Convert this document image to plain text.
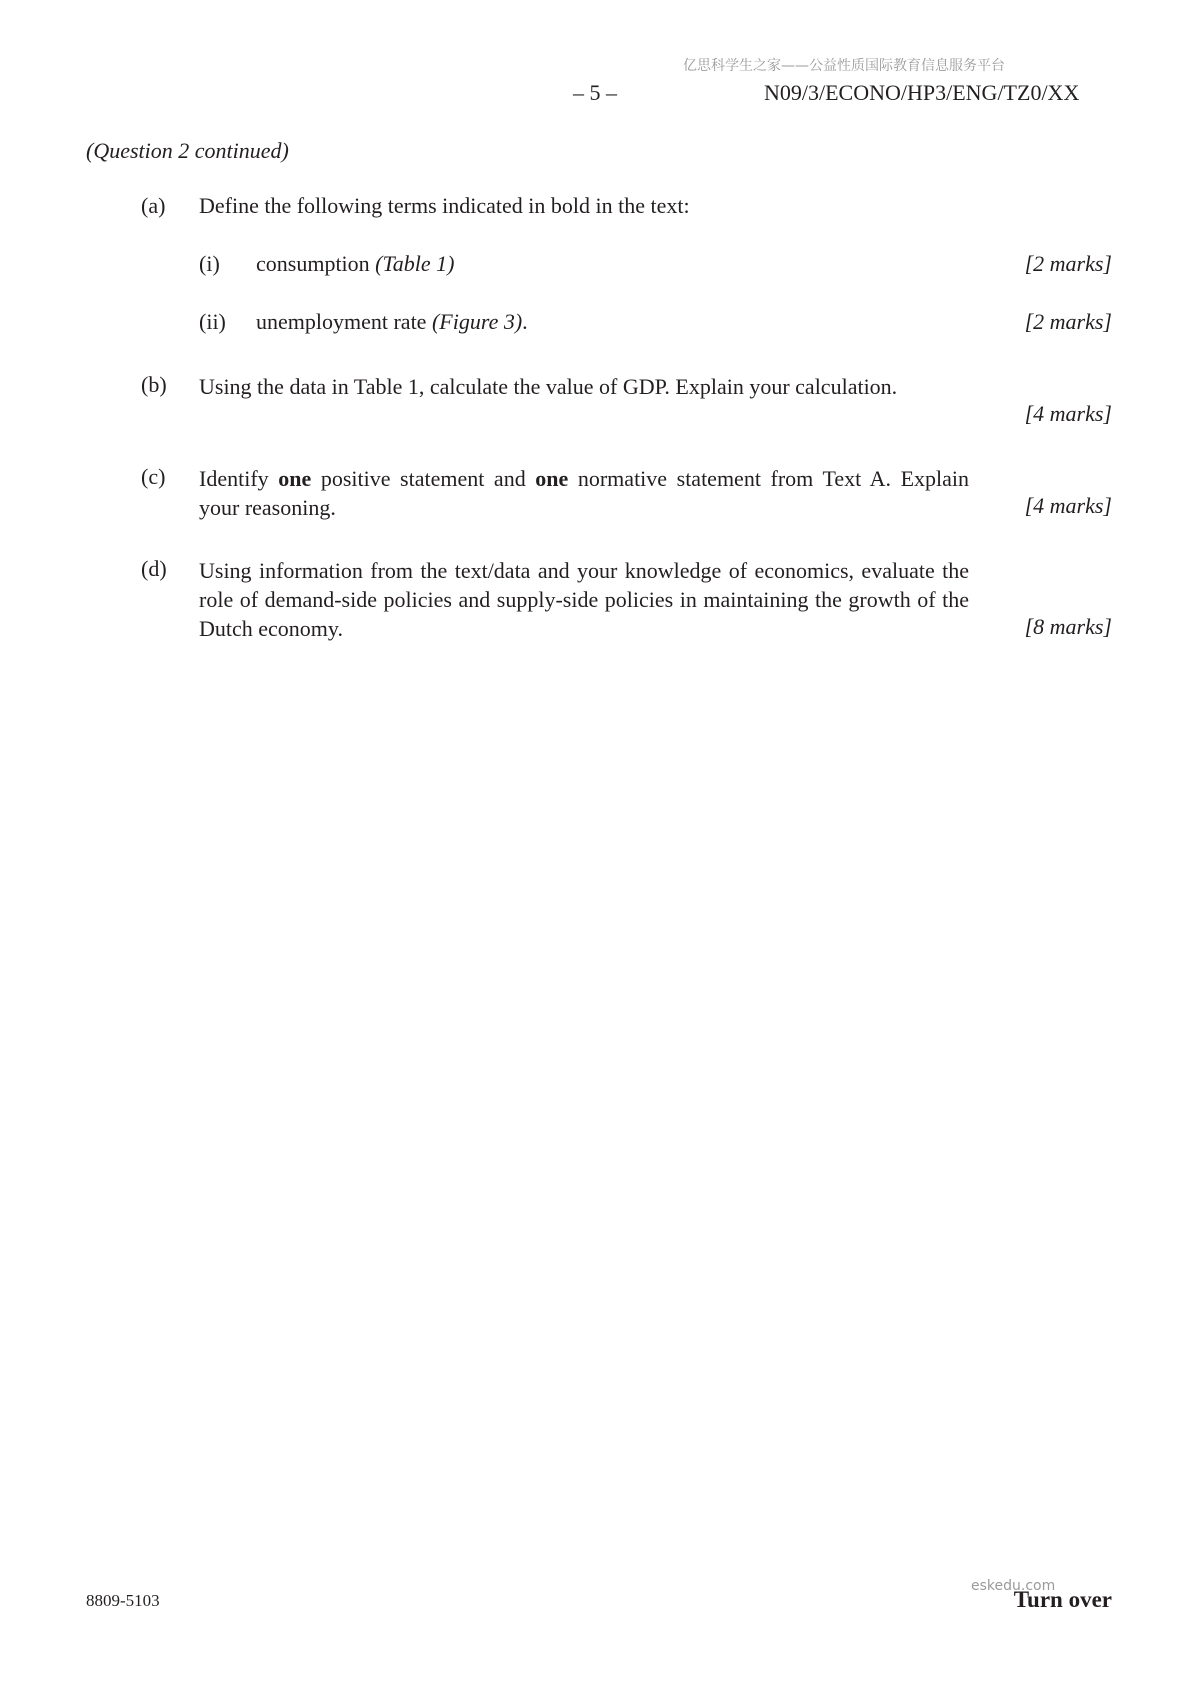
亿思科学生之家——公益性质国际教育信息服务平台
– 5 –	N09/3/ECONO/HP3/ENG/TZ0/XX
(Question 2 continued)
(a) Define the following terms indicated in bold in the text:
(i) consumption (Table 1)	[2 marks]
(ii) unemployment rate (Figure 3).	[2 marks]
(b) Using the data in Table 1, calculate the value of GDP. Explain your calculation.
[4 marks]
(c) Identify one positive statement and one normative statement from Text A. Explain your reasoning.	[4 marks]
(d) Using information from the text/data and your knowledge of economics, evaluate the role of demand-side policies and supply-side policies in maintaining the growth of the Dutch economy.	[8 marks]
8809-5103
eskedu.com
Turn over
